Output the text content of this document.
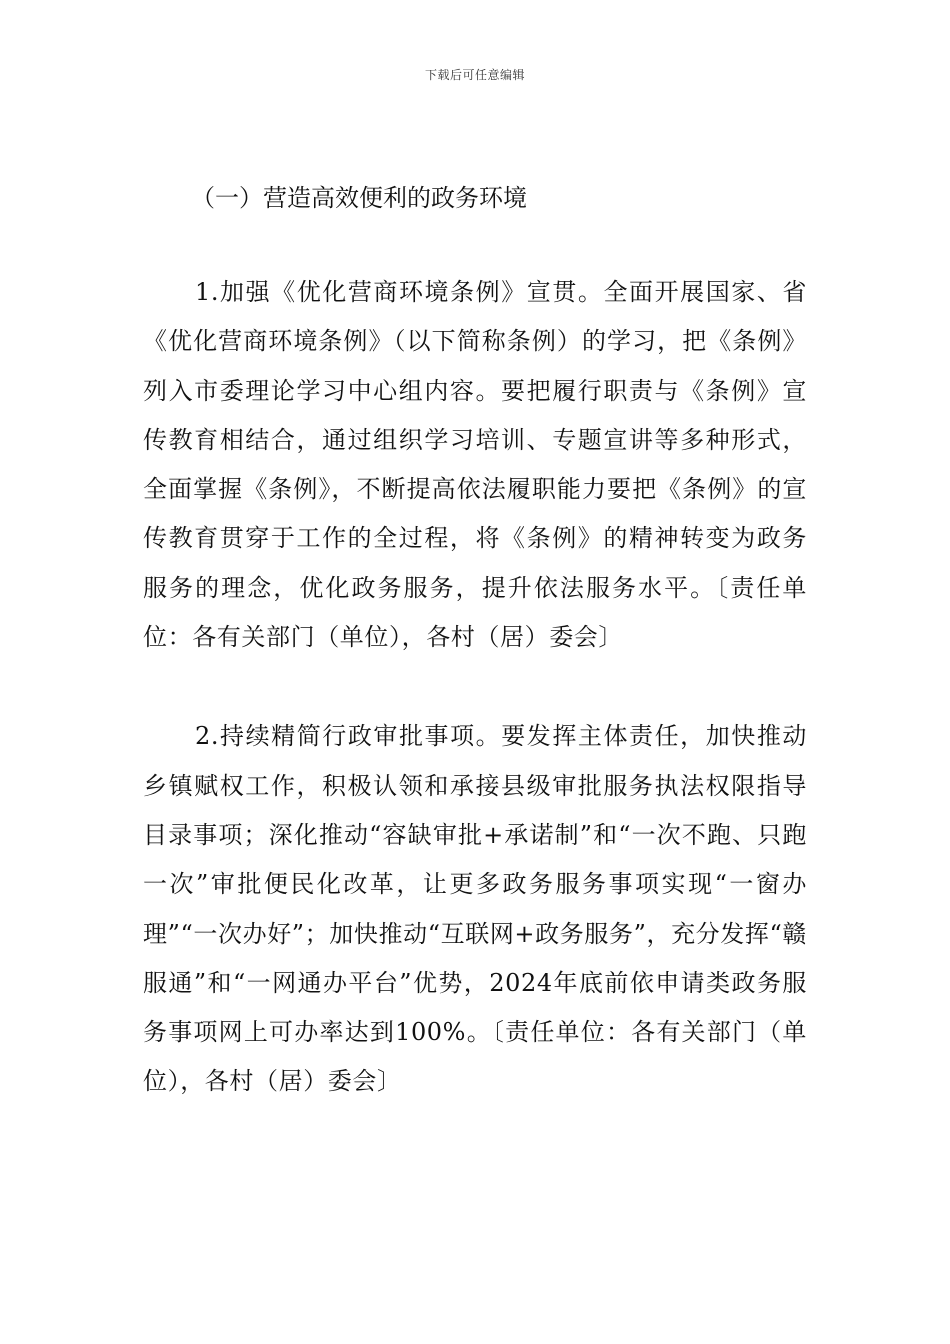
下载后可任意编辑
（一）营造高效便利的政务环境

1.加强《优化营商环境条例》宣贯。全面开展国家、省《优化营商环境条例》（以下简称条例）的学习，把《条例》列入市委理论学习中心组内容。要把履行职责与《条例》宣传教育相结合，通过组织学习培训、专题宣讲等多种形式，全面掌握《条例》，不断提高依法履职能力要把《条例》的宣传教育贯穿于工作的全过程，将《条例》的精神转变为政务服务的理念，优化政务服务，提升依法服务水平。〔责任单位：各有关部门（单位），各村（居）委会〕

2.持续精简行政审批事项。要发挥主体责任，加快推动乡镇赋权工作，积极认领和承接县级审批服务执法权限指导目录事项；深化推动“容缺审批+承诺制”和“一次不跑、只跑一次”审批便民化改革，让更多政务服务事项实现“一窗办理”“一次办好”；加快推动“互联网+政务服务”，充分发挥“赣服通”和“一网通办平台”优势，2024年底前依申请类政务服务事项网上可办率达到100%。〔责任单位：各有关部门（单位），各村（居）委会〕
